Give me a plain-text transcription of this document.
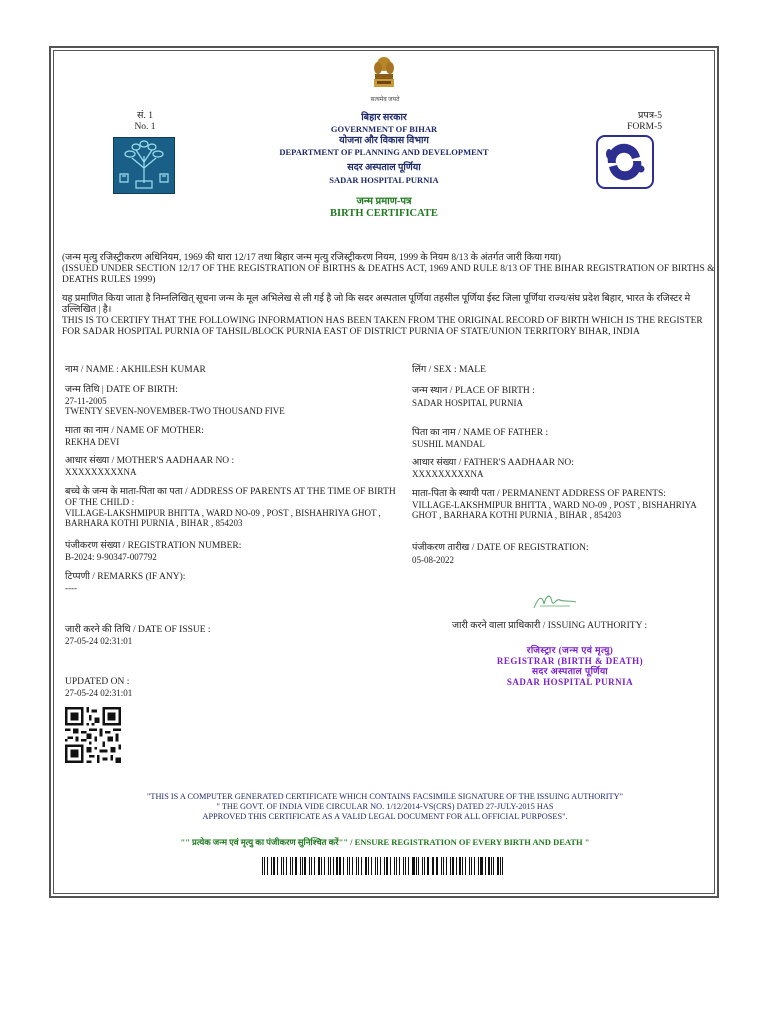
सत्यमेव जयते
सं. 1
No. 1
प्रपत्र-5
FORM-5
बिहार सरकार
GOVERNMENT OF BIHAR
योजना और विकास विभाग
DEPARTMENT OF PLANNING AND DEVELOPMENT
सदर अस्पताल पूर्णिया
SADAR HOSPITAL PURNIA
जन्म प्रमाण-पत्र
BIRTH CERTIFICATE
(जन्म मृत्यु रजिस्ट्रीकरण अधिनियम, 1969 की धारा 12/17 तथा बिहार जन्म मृत्यु रजिस्ट्रीकरण नियम, 1999 के नियम 8/13 के अंतर्गत जारी किया गया)
(ISSUED UNDER SECTION 12/17 OF THE REGISTRATION OF BIRTHS & DEATHS ACT, 1969 AND RULE 8/13 OF THE BIHAR REGISTRATION OF BIRTHS & DEATHS RULES 1999)
यह प्रमाणित किया जाता है निम्नलिखित् सूचना जन्म के मूल अभिलेख से ली गई है जो कि सदर अस्पताल पूर्णिया तहसील पूर्णिया ईस्ट जिला पूर्णिया राज्य/संघ प्रदेश बिहार, भारत के रजिस्टर मे उल्लिखित | है।
THIS IS TO CERTIFY THAT THE FOLLOWING INFORMATION HAS BEEN TAKEN FROM THE ORIGINAL RECORD OF BIRTH WHICH IS THE REGISTER FOR SADAR HOSPITAL PURNIA OF TAHSIL/BLOCK PURNIA EAST OF DISTRICT PURNIA OF STATE/UNION TERRITORY BIHAR, INDIA
नाम / NAME : AKHILESH KUMAR
जन्म तिथि | DATE OF BIRTH:
27-11-2005
TWENTY SEVEN-NOVEMBER-TWO THOUSAND FIVE
माता का नाम / NAME OF MOTHER:
REKHA DEVI
आधार संख्या / MOTHER'S AADHAAR NO :
XXXXXXXXXNA
बच्चे के जन्म के माता-पिता का पता / ADDRESS OF PARENTS AT THE TIME OF BIRTH OF THE CHILD :
VILLAGE-LAKSHMIPUR BHITTA , WARD NO-09 , POST , BISHAHRIYA GHOT , BARHARA KOTHI PURNIA , BIHAR , 854203
पंजीकरण संख्या / REGISTRATION NUMBER:
B-2024: 9-90347-007792
टिप्पणी / REMARKS (IF ANY):
----
जारी करने की तिथि / DATE OF ISSUE :
27-05-24 02:31:01
UPDATED ON :
27-05-24 02:31:01
लिंग / SEX : MALE
जन्म स्थान / PLACE OF BIRTH :
SADAR HOSPITAL PURNIA
पिता का नाम / NAME OF FATHER :
SUSHIL MANDAL
आधार संख्या / FATHER'S AADHAAR NO:
XXXXXXXXXNA
माता-पिता के स्थायी पता / PERMANENT ADDRESS OF PARENTS:
VILLAGE-LAKSHMIPUR BHITTA , WARD NO-09 , POST , BISHAHRIYA GHOT , BARHARA KOTHI PURNIA , BIHAR , 854203
पंजीकरण तारीख / DATE OF REGISTRATION:
05-08-2022
जारी करने वाला प्राधिकारी / ISSUING AUTHORITY :
रजिस्ट्रार (जन्म एवं मृत्यु)
REGISTRAR (BIRTH & DEATH)
सदर अस्पताल पूर्णिया
SADAR HOSPITAL PURNIA
"THIS IS A COMPUTER GENERATED CERTIFICATE WHICH CONTAINS FACSIMILE SIGNATURE OF THE ISSUING AUTHORITY"
" THE GOVT. OF INDIA VIDE CIRCULAR NO. 1/12/2014-VS(CRS) DATED 27-JULY-2015 HAS
APPROVED THIS CERTIFICATE AS A VALID LEGAL DOCUMENT FOR ALL OFFICIAL PURPOSES".
"" प्रत्येक जन्म एवं मृत्यु का पंजीकरण सुनिश्चित करें"" / ENSURE REGISTRATION OF EVERY BIRTH AND DEATH "
